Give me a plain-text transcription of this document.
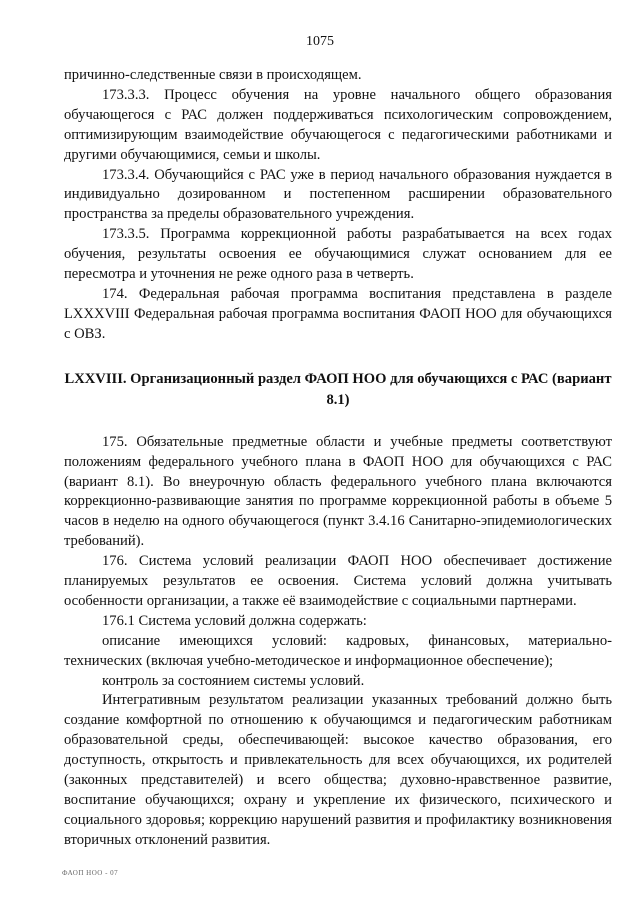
1075

причинно-следственные связи в происходящем.

173.3.3. Процесс обучения на уровне начального общего образования обучающегося с РАС должен поддерживаться психологическим сопровождением, оптимизирующим взаимодействие обучающегося с педагогическими работниками и другими обучающимися, семьи и школы.

173.3.4. Обучающийся с РАС уже в период начального образования нуждается в индивидуально дозированном и постепенном расширении образовательного пространства за пределы образовательного учреждения.

173.3.5. Программа коррекционной работы разрабатывается на всех годах обучения, результаты освоения ее обучающимися служат основанием для ее пересмотра и уточнения не реже одного раза в четверть.

174. Федеральная рабочая программа воспитания представлена в разделе LXXXVIII Федеральная рабочая программа воспитания ФАОП НОО для обучающихся с ОВЗ.

LXXVIII. Организационный раздел ФАОП НОО для обучающихся с РАС (вариант 8.1)

175. Обязательные предметные области и учебные предметы соответствуют положениям федерального учебного плана в ФАОП НОО для обучающихся с РАС (вариант 8.1). Во внеурочную область федерального учебного плана включаются коррекционно-развивающие занятия по программе коррекционной работы в объеме 5 часов в неделю на одного обучающегося (пункт 3.4.16 Санитарно-эпидемиологических требований).

176. Система условий реализации ФАОП НОО обеспечивает достижение планируемых результатов ее освоения. Система условий должна учитывать особенности организации, а также её взаимодействие с социальными партнерами.

176.1 Система условий должна содержать:

описание имеющихся условий: кадровых, финансовых, материально-технических (включая учебно-методическое и информационное обеспечение);

контроль за состоянием системы условий.

Интегративным результатом реализации указанных требований должно быть создание комфортной по отношению к обучающимся и педагогическим работникам образовательной среды, обеспечивающей: высокое качество образования, его доступность, открытость и привлекательность для всех обучающихся, их родителей (законных представителей) и всего общества; духовно-нравственное развитие, воспитание обучающихся; охрану и укрепление их физического, психического и социального здоровья; коррекцию нарушений развития и профилактику возникновения вторичных отклонений развития.

ФАОП НОО - 07
